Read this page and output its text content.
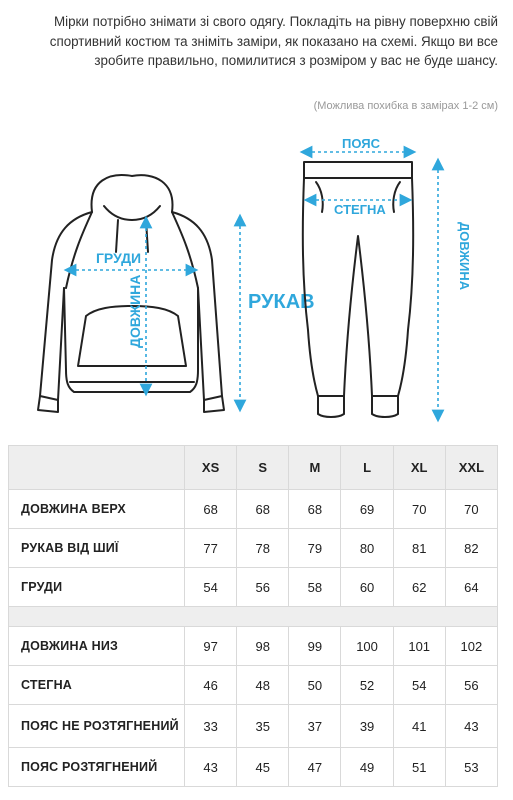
Мірки потрібно знімати зі свого одягу. Покладіть на рівну поверхню свій спортивний костюм та зніміть заміри, як показано на схемі. Якщо ви все зробите правильно, помилитися з розміром у вас не буде шансу.
(Можлива похибка в замірах 1-2 см)
ГРУДИ
ДОВЖИНА	РУКАВ
ПОЯС
СТЕГНА
ДОВЖИНА
	XS	S	M	L	XL	XXL
ДОВЖИНА ВЕРХ	68	68	68	69	70	70
РУКАВ ВІД ШИЇ	77	78	79	80	81	82
ГРУДИ	54	56	58	60	62	64

ДОВЖИНА НИЗ	97	98	99	100	101	102
СТЕГНА	46	48	50	52	54	56
ПОЯС НЕ РОЗТЯГНЕНИЙ	33	35	37	39	41	43
ПОЯС РОЗТЯГНЕНИЙ	43	45	47	49	51	53
